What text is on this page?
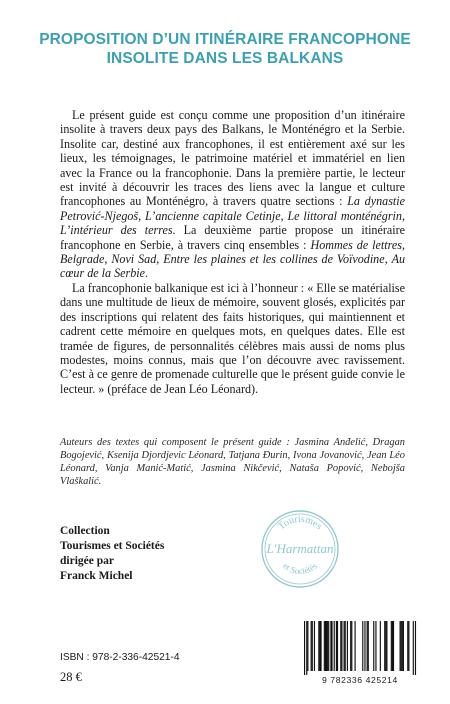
PROPOSITION D’UN ITINÉRAIRE FRANCOPHONE
INSOLITE DANS LES BALKANS

Le présent guide est conçu comme une proposition d’un itinéraire insolite à travers deux pays des Balkans, le Monténégro et la Serbie. Insolite car, destiné aux francophones, il est entièrement axé sur les lieux, les témoignages, le patrimoine matériel et immatériel en lien avec la France ou la francophonie. Dans la première partie, le lecteur est invité à découvrir les traces des liens avec la langue et culture francophones au Monténégro, à travers quatre sections : La dynastie Petrović-Njegoš, L’ancienne capitale Cetinje, Le littoral monténégrin, L’intérieur des terres. La deuxième partie propose un itinéraire francophone en Serbie, à travers cinq ensembles : Hommes de lettres, Belgrade, Novi Sad, Entre les plaines et les collines de Voïvodine, Au cœur de la Serbie.

La francophonie balkanique est ici à l’honneur : « Elle se matérialise dans une multitude de lieux de mémoire, souvent glosés, explicités par des inscriptions qui relatent des faits historiques, qui maintiennent et cadrent cette mémoire en quelques mots, en quelques dates. Elle est tramée de figures, de personnalités célèbres mais aussi de noms plus modestes, moins connus, mais que l’on découvre avec ravissement. C’est à ce genre de promenade culturelle que le présent guide convie le lecteur. » (préface de Jean Léo Léonard).

Auteurs des textes qui composent le présent guide : Jasmina Anđelić, Dragan Bogojević, Ksenija Djordjevic Léonard, Tatjana Đurin, Ivona Jovanović, Jean Léo Léonard, Vanja Manić-Matić, Jasmina Nikčević, Nataša Popović, Nebojša Vlaškalić.

Collection
Tourismes et Sociétés
dirigée par
Franck Michel
Tourismes
L'Harmattan
et Sociétés
ISBN : 978-2-336-42521-4
28 €	9 782336 425214
